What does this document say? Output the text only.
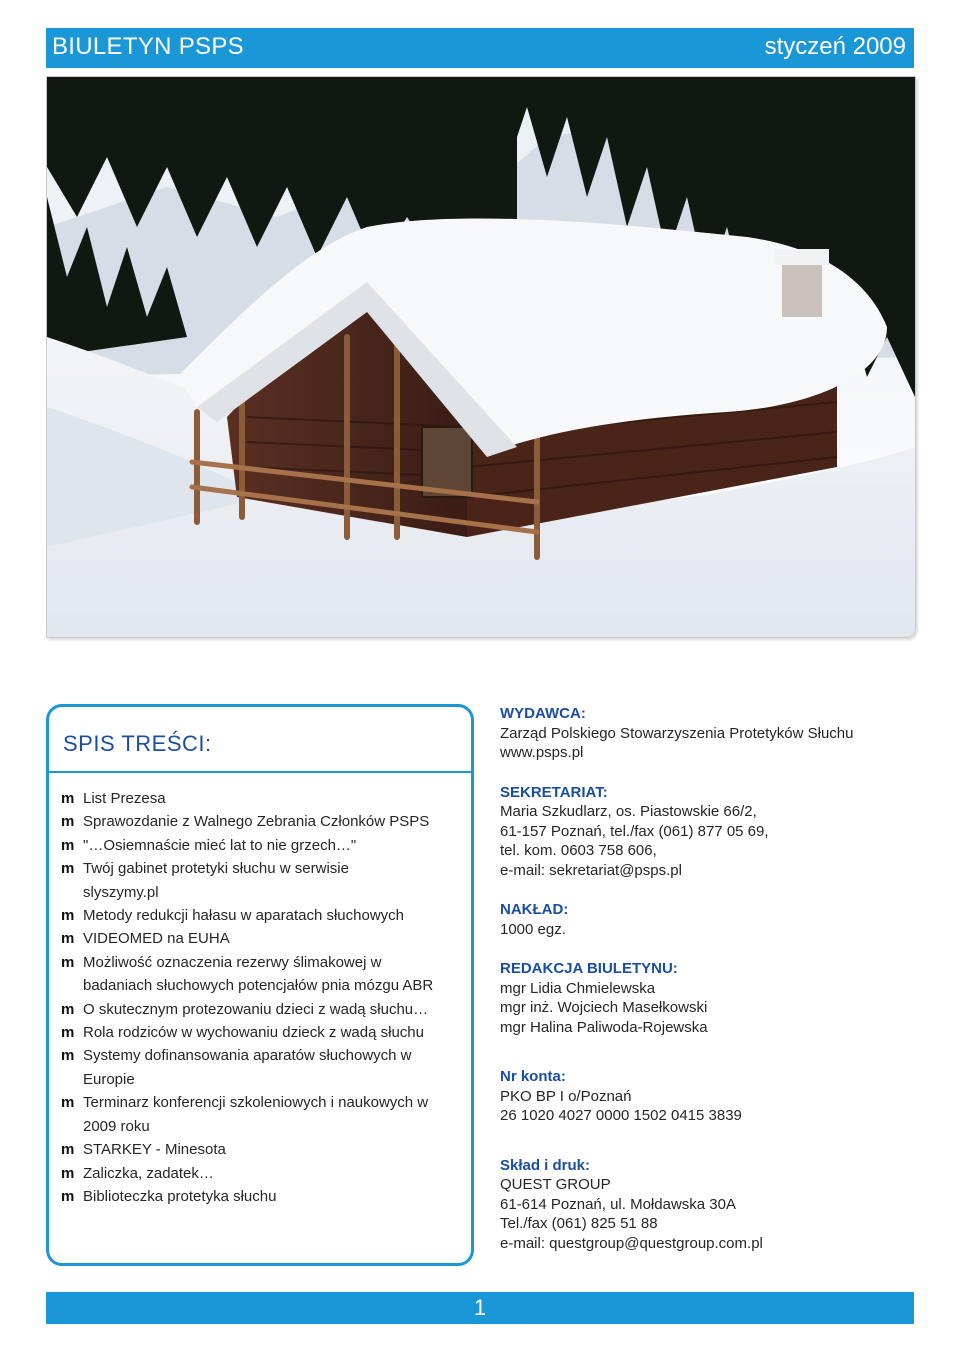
BIULETYN PSPS	styczeń 2009
SPIS TREŚCI:
m List Prezesa
m Sprawozdanie z Walnego Zebrania Członków PSPS
m "…Osiemnaście mieć lat to nie grzech…"
m Twój gabinet protetyki słuchu w serwisie slyszymy.pl
m Metody redukcji hałasu w aparatach słuchowych
m VIDEOMED na EUHA
m Możliwość oznaczenia rezerwy ślimakowej w badaniach słuchowych potencjałów pnia mózgu ABR
m O skutecznym protezowaniu dzieci z wadą słuchu…
m Rola rodziców w wychowaniu dzieck z wadą słuchu
m Systemy dofinansowania aparatów słuchowych w Europie
m Terminarz konferencji szkoleniowych i naukowych w 2009 roku
m STARKEY - Minesota
m Zaliczka, zadatek…
m Biblioteczka protetyka słuchu
WYDAWCA:
Zarząd Polskiego Stowarzyszenia Protetyków Słuchu
www.psps.pl
SEKRETARIAT:
Maria Szkudlarz, os. Piastowskie 66/2,
61-157 Poznań, tel./fax (061) 877 05 69,
tel. kom. 0603 758 606,
e-mail: sekretariat@psps.pl
NAKŁAD:
1000 egz.
REDAKCJA BIULETYNU:
mgr Lidia Chmielewska
mgr inż. Wojciech Masełkowski
mgr Halina Paliwoda-Rojewska
Nr konta:
PKO BP I o/Poznań
26 1020 4027 0000 1502 0415 3839
Skład i druk:
QUEST GROUP
61-614 Poznań, ul. Mołdawska 30A
Tel./fax (061) 825 51 88
e-mail: questgroup@questgroup.com.pl
1
